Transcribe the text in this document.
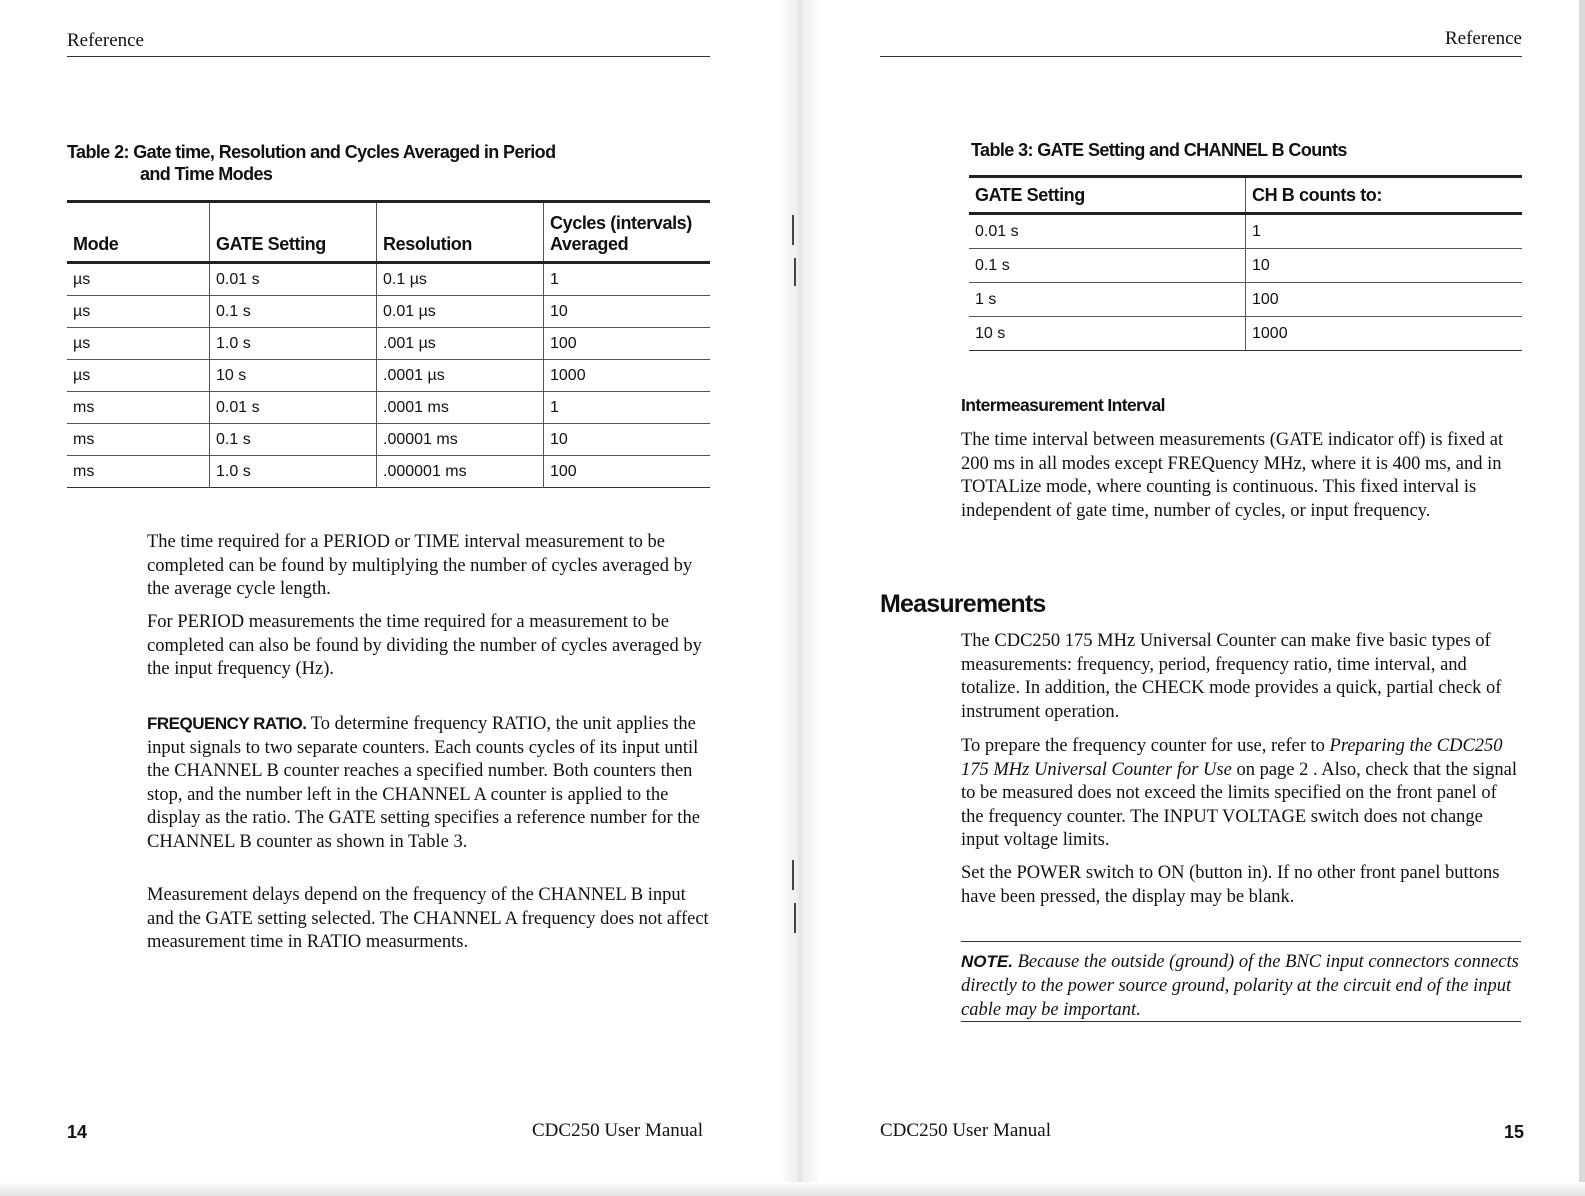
Reference
Table 2: Gate time, Resolution and Cycles Averaged in Period
and Time Modes
Mode	GATE Setting	Resolution	Cycles (intervals)
Averaged

µs	0.01 s	0.1 µs	1
µs	0.1 s	0.01 µs	10
µs	1.0 s	.001 µs	100
µs	10 s	.0001 µs	1000
ms	0.01 s	.0001 ms	1
ms	0.1 s	.00001 ms	10
ms	1.0 s	.000001 ms	100

The time required for a PERIOD or TIME interval measurement to be completed can be found by multiplying the number of cycles averaged by the average cycle length.

For PERIOD measurements the time required for a measurement to be completed can also be found by dividing the number of cycles averaged by the input frequency (Hz).

FREQUENCY RATIO. To determine frequency RATIO, the unit applies the input signals to two separate counters. Each counts cycles of its input until the CHANNEL B counter reaches a specified number. Both counters then stop, and the number left in the CHANNEL A counter is applied to the display as the ratio. The GATE setting specifies a reference number for the CHANNEL B counter as shown in Table 3.

Measurement delays depend on the frequency of the CHANNEL B input and the GATE setting selected. The CHANNEL A frequency does not affect measurement time in RATIO measurments.

14	CDC250 User Manual
Reference
Table 3: GATE Setting and CHANNEL B Counts
GATE Setting	CH B counts to:
0.01 s	1
0.1 s	10
1 s	100
10 s	1000
Intermeasurement Interval

The time interval between measurements (GATE indicator off) is fixed at 200 ms in all modes except FREQuency MHz, where it is 400 ms, and in TOTALize mode, where counting is continuous. This fixed interval is independent of gate time, number of cycles, or input frequency.

Measurements

The CDC250 175 MHz Universal Counter can make five basic types of measurements: frequency, period, frequency ratio, time interval, and totalize. In addition, the CHECK mode provides a quick, partial check of instrument operation.

To prepare the frequency counter for use, refer to Preparing the CDC250 175 MHz Universal Counter for Use on page 2 . Also, check that the signal to be measured does not exceed the limits specified on the front panel of the frequency counter. The INPUT VOLTAGE switch does not change input voltage limits.

Set the POWER switch to ON (button in). If no other front panel buttons have been pressed, the display may be blank.

NOTE. Because the outside (ground) of the BNC input connectors connects directly to the power source ground, polarity at the circuit end of the input cable may be important.

CDC250 User Manual	15
